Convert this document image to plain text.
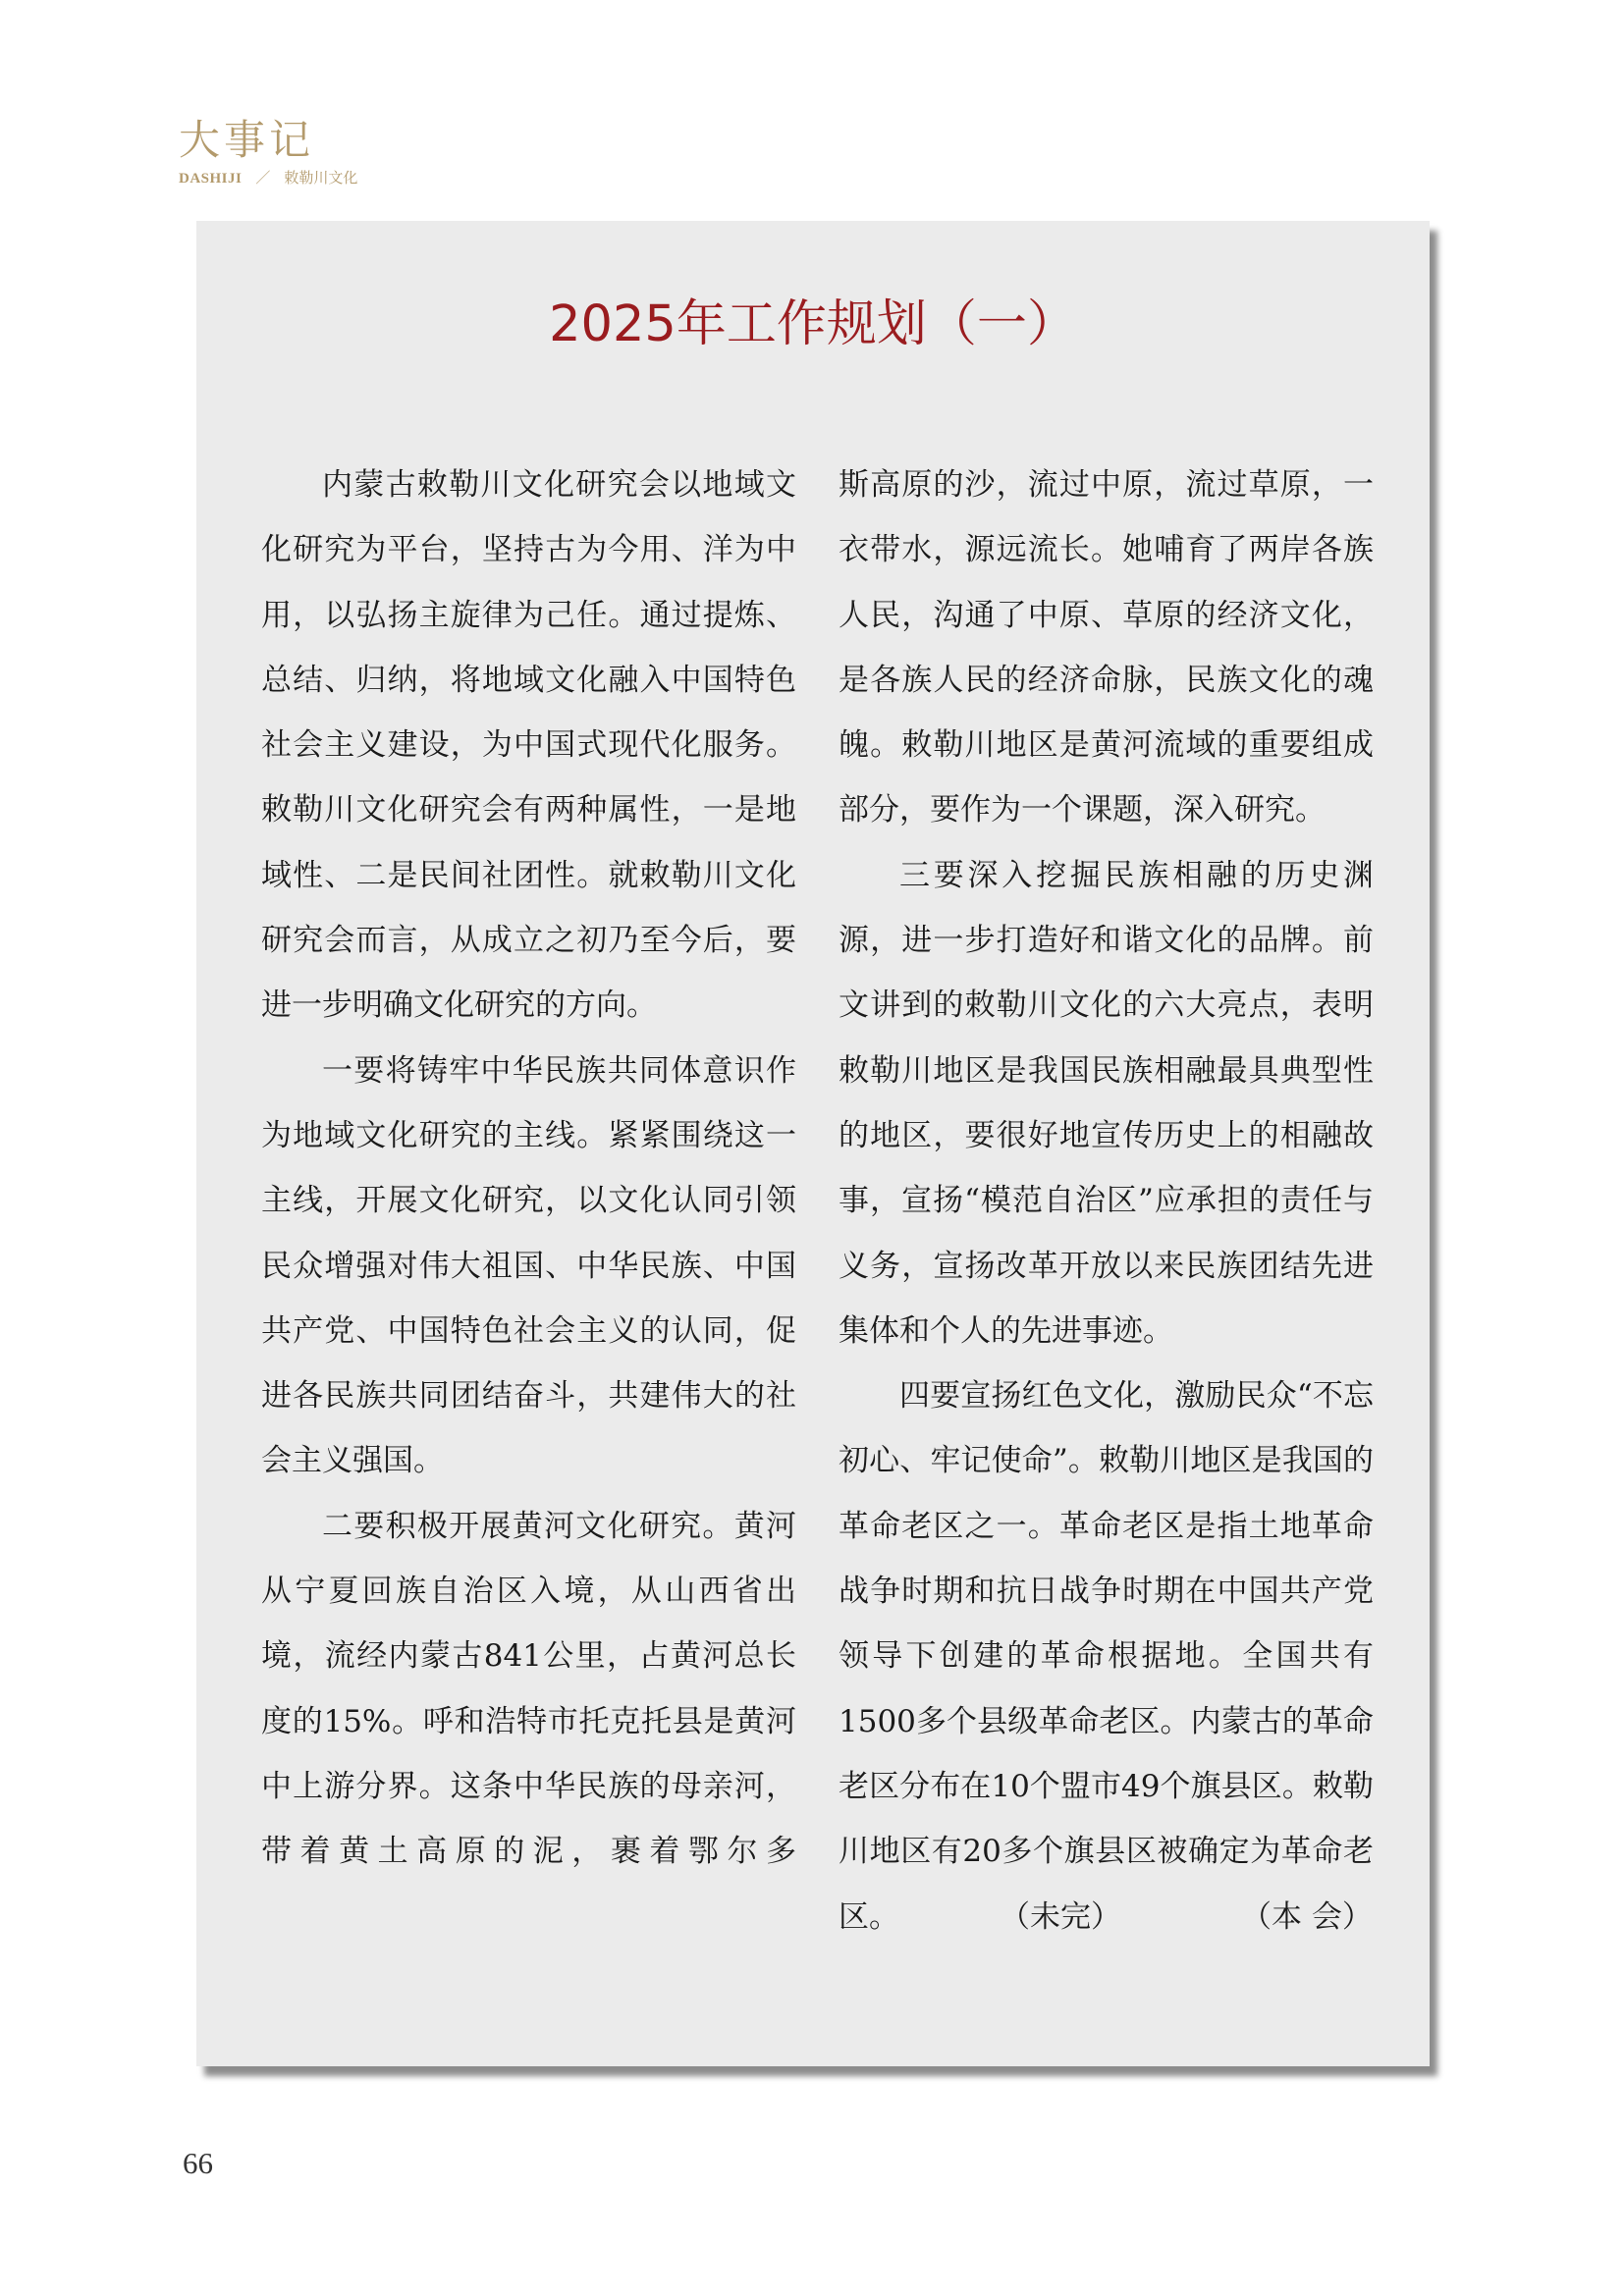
大事记
DASHIJI ／ 敕勒川文化
2025年工作规划（一）

内蒙古敕勒川文化研究会以地域文化研究为平台，坚持古为今用、洋为中用，以弘扬主旋律为己任。通过提炼、总结、归纳，将地域文化融入中国特色社会主义建设，为中国式现代化服务。敕勒川文化研究会有两种属性，一是地域性、二是民间社团性。就敕勒川文化研究会而言，从成立之初乃至今后，要进一步明确文化研究的方向。

一要将铸牢中华民族共同体意识作为地域文化研究的主线。紧紧围绕这一主线，开展文化研究，以文化认同引领民众增强对伟大祖国、中华民族、中国共产党、中国特色社会主义的认同，促进各民族共同团结奋斗，共建伟大的社会主义强国。

二要积极开展黄河文化研究。黄河从宁夏回族自治区入境，从山西省出境，流经内蒙古841公里，占黄河总长度的15%。呼和浩特市托克托县是黄河中上游分界。这条中华民族的母亲河，带着黄土高原的泥，裹着鄂尔多

斯高原的沙，流过中原，流过草原，一衣带水，源远流长。她哺育了两岸各族人民，沟通了中原、草原的经济文化，是各族人民的经济命脉，民族文化的魂魄。敕勒川地区是黄河流域的重要组成部分，要作为一个课题，深入研究。

三要深入挖掘民族相融的历史渊源，进一步打造好和谐文化的品牌。前文讲到的敕勒川文化的六大亮点，表明敕勒川地区是我国民族相融最具典型性的地区，要很好地宣传历史上的相融故事，宣扬“模范自治区”应承担的责任与义务，宣扬改革开放以来民族团结先进集体和个人的先进事迹。

四要宣扬红色文化，激励民众“不忘初心、牢记使命”。敕勒川地区是我国的革命老区之一。革命老区是指土地革命战争时期和抗日战争时期在中国共产党领导下创建的革命根据地。全国共有1500多个县级革命老区。内蒙古的革命老区分布在10个盟市49个旗县区。敕勒川地区有20多个旗县区被确定为革命老区。	（未完）	（本 会）

66
